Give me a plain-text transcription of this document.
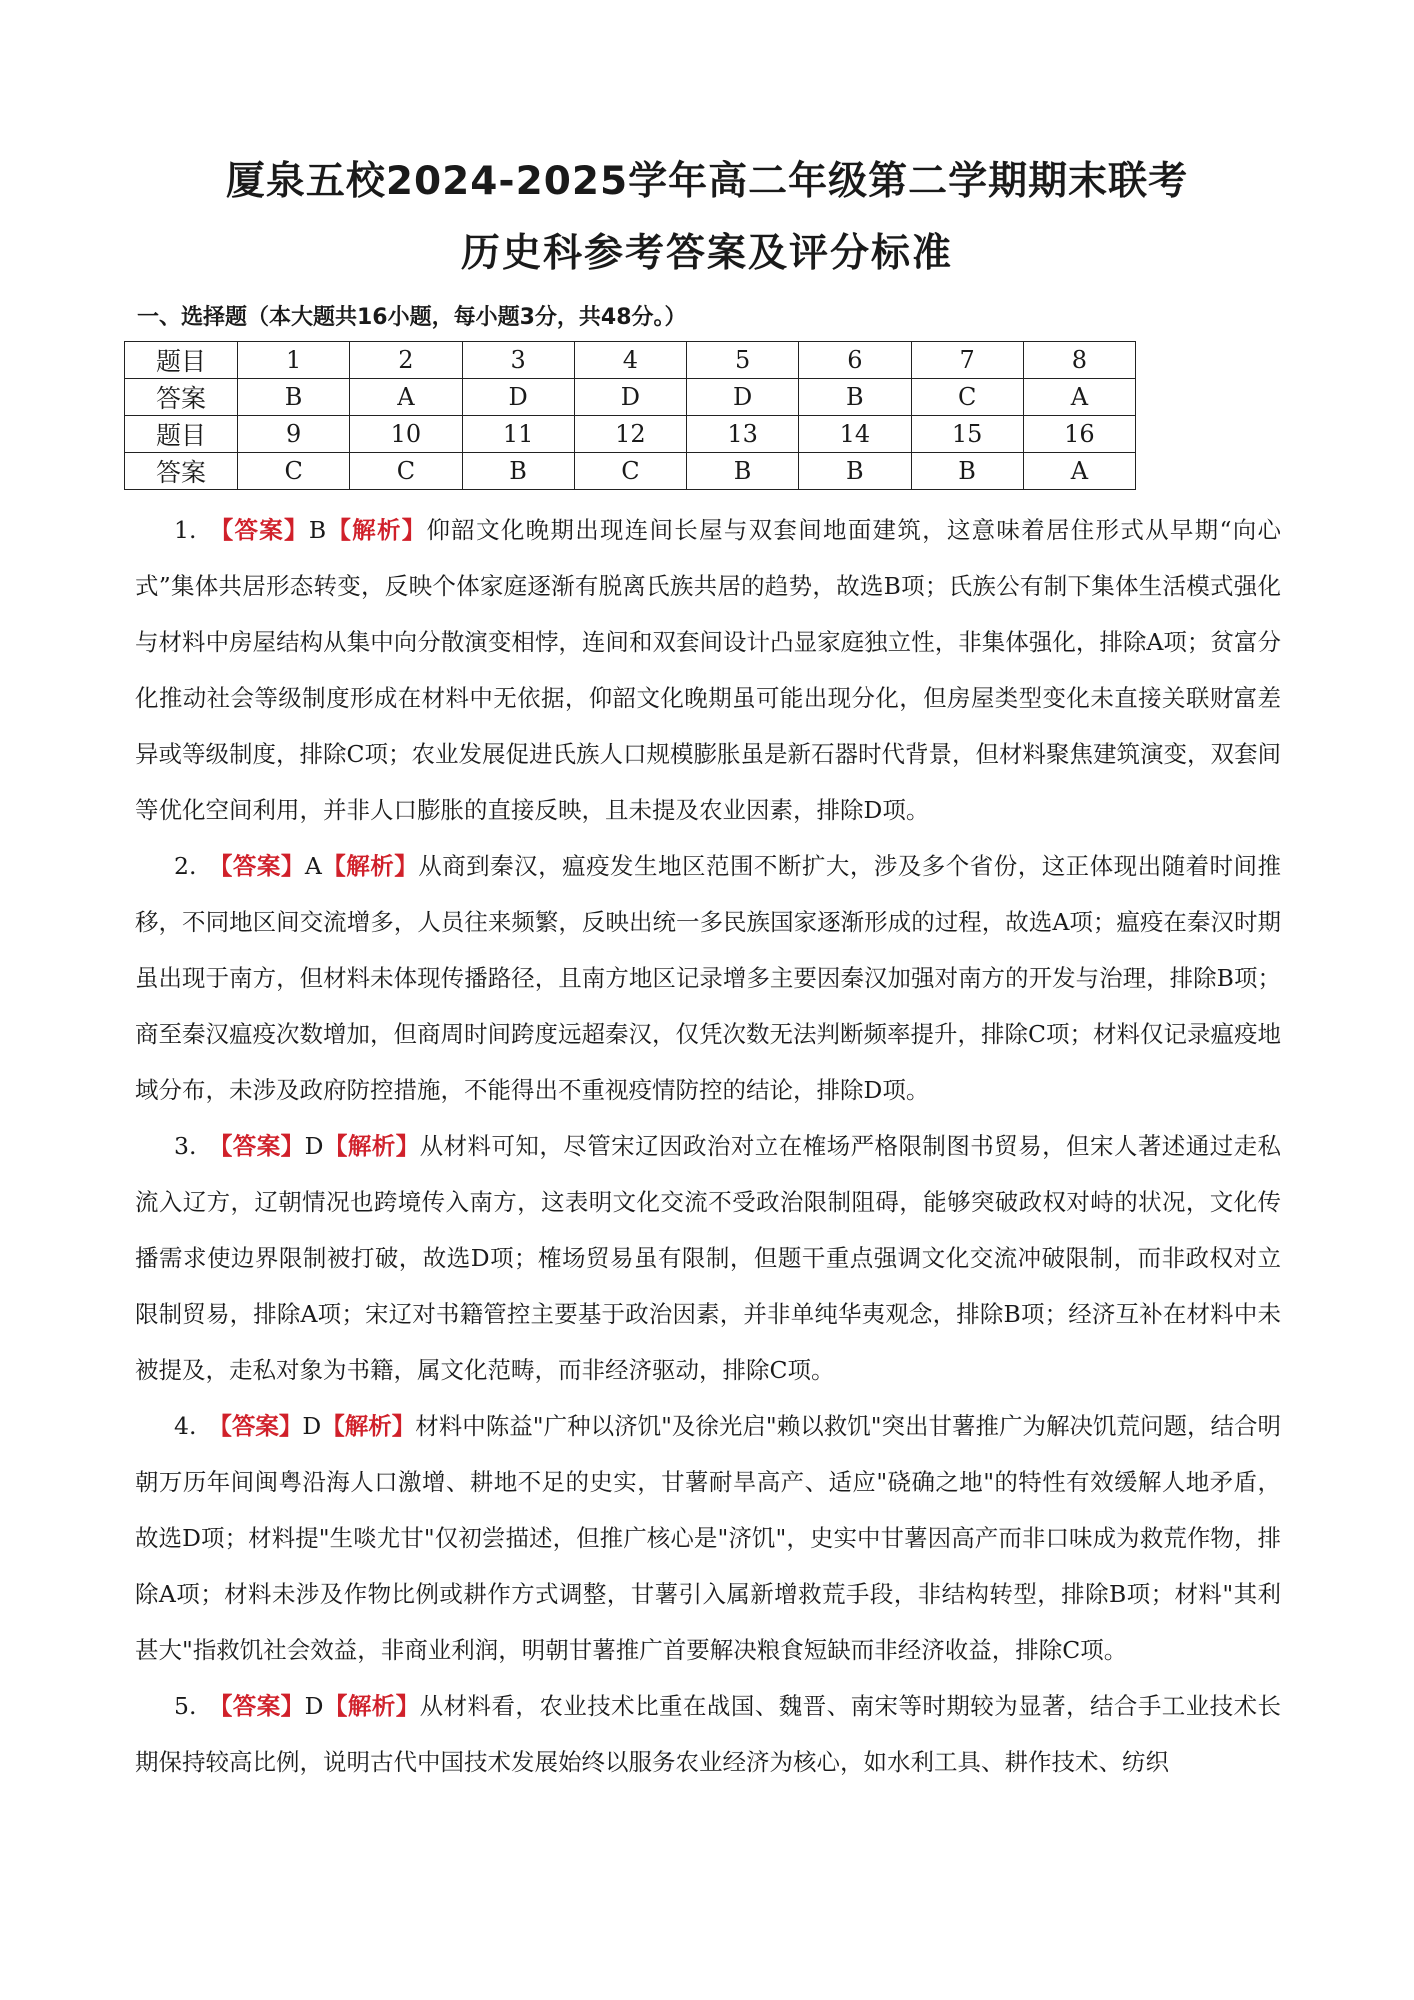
厦泉五校2024-2025学年高二年级第二学期期末联考
历史科参考答案及评分标准
一、选择题（本大题共16小题，每小题3分，共48分。）
题目	1	2	3	4	5	6	7	8
答案	B	A	D	D	D	B	C	A
题目	9	10	11	12	13	14	15	16
答案	C	C	B	C	B	B	B	A

1. 【答案】B【解析】仰韶文化晚期出现连间长屋与双套间地面建筑，这意味着居住形式从早期“向心式”集体共居形态转变，反映个体家庭逐渐有脱离氏族共居的趋势，故选B项；氏族公有制下集体生活模式强化与材料中房屋结构从集中向分散演变相悖，连间和双套间设计凸显家庭独立性，非集体强化，排除A项；贫富分化推动社会等级制度形成在材料中无依据，仰韶文化晚期虽可能出现分化，但房屋类型变化未直接关联财富差异或等级制度，排除C项；农业发展促进氏族人口规模膨胀虽是新石器时代背景，但材料聚焦建筑演变，双套间等优化空间利用，并非人口膨胀的直接反映，且未提及农业因素，排除D项。

2. 【答案】A【解析】从商到秦汉，瘟疫发生地区范围不断扩大，涉及多个省份，这正体现出随着时间推移，不同地区间交流增多，人员往来频繁，反映出统一多民族国家逐渐形成的过程，故选A项；瘟疫在秦汉时期虽出现于南方，但材料未体现传播路径，且南方地区记录增多主要因秦汉加强对南方的开发与治理，排除B项；商至秦汉瘟疫次数增加，但商周时间跨度远超秦汉，仅凭次数无法判断频率提升，排除C项；材料仅记录瘟疫地域分布，未涉及政府防控措施，不能得出不重视疫情防控的结论，排除D项。

3. 【答案】D【解析】从材料可知，尽管宋辽因政治对立在榷场严格限制图书贸易，但宋人著述通过走私流入辽方，辽朝情况也跨境传入南方，这表明文化交流不受政治限制阻碍，能够突破政权对峙的状况，文化传播需求使边界限制被打破，故选D项；榷场贸易虽有限制，但题干重点强调文化交流冲破限制，而非政权对立限制贸易，排除A项；宋辽对书籍管控主要基于政治因素，并非单纯华夷观念，排除B项；经济互补在材料中未被提及，走私对象为书籍，属文化范畴，而非经济驱动，排除C项。

4. 【答案】D【解析】材料中陈益"广种以济饥"及徐光启"赖以救饥"突出甘薯推广为解决饥荒问题，结合明朝万历年间闽粤沿海人口激增、耕地不足的史实，甘薯耐旱高产、适应"硗确之地"的特性有效缓解人地矛盾，故选D项；材料提"生啖尤甘"仅初尝描述，但推广核心是"济饥"，史实中甘薯因高产而非口味成为救荒作物，排除A项；材料未涉及作物比例或耕作方式调整，甘薯引入属新增救荒手段，非结构转型，排除B项；材料"其利甚大"指救饥社会效益，非商业利润，明朝甘薯推广首要解决粮食短缺而非经济收益，排除C项。

5. 【答案】D【解析】从材料看，农业技术比重在战国、魏晋、南宋等时期较为显著，结合手工业技术长期保持较高比例，说明古代中国技术发展始终以服务农业经济为核心，如水利工具、耕作技术、纺织
